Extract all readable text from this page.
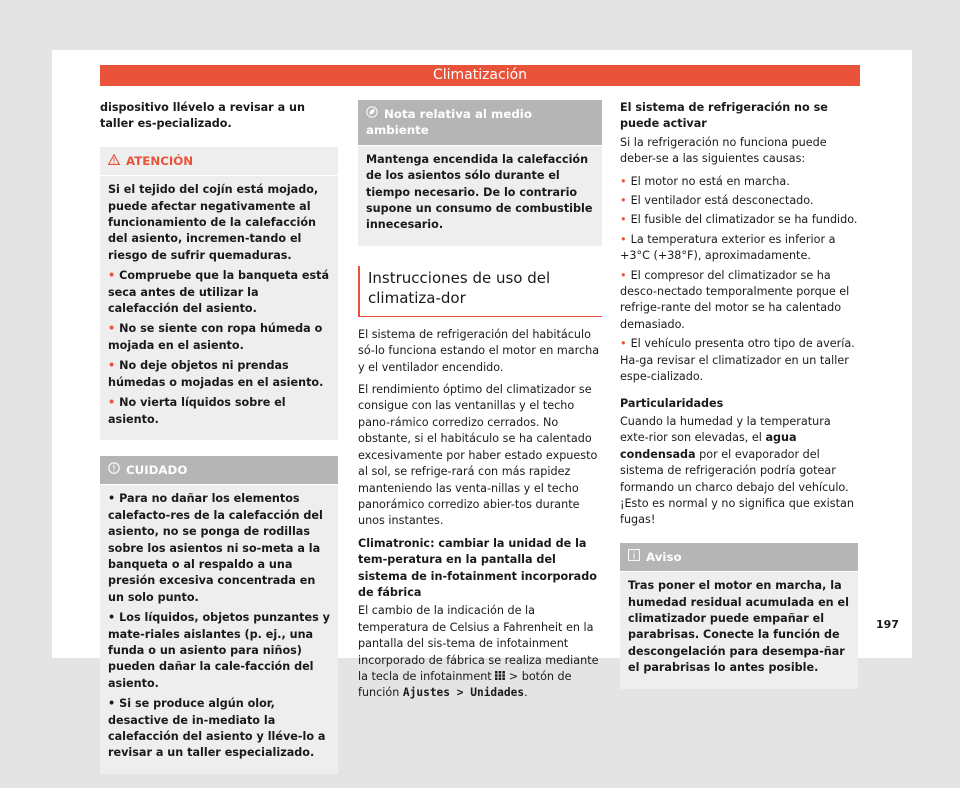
Climatización

dispositivo llévelo a revisar a un taller es-pecializado.

ATENCIÓN

Si el tejido del cojín está mojado, puede afectar negativamente al funcionamiento de la calefacción del asiento, incremen-tando el riesgo de sufrir quemaduras.

• Compruebe que la banqueta está seca antes de utilizar la calefacción del asiento.

• No se siente con ropa húmeda o mojada en el asiento.

• No deje objetos ni prendas húmedas o mojadas en el asiento.

• No vierta líquidos sobre el asiento.

CUIDADO

• Para no dañar los elementos calefacto-res de la calefacción del asiento, no se ponga de rodillas sobre los asientos ni so-meta a la banqueta o al respaldo a una presión excesiva concentrada en un solo punto.

• Los líquidos, objetos punzantes y mate-riales aislantes (p. ej., una funda o un asiento para niños) pueden dañar la cale-facción del asiento.

• Si se produce algún olor, desactive de in-mediato la calefacción del asiento y lléve-lo a revisar a un taller especializado.

Nota relativa al medio ambiente

Mantenga encendida la calefacción de los asientos sólo durante el tiempo necesario. De lo contrario supone un consumo de combustible innecesario.

Instrucciones de uso del climatiza-dor

El sistema de refrigeración del habitáculo só-lo funciona estando el motor en marcha y el ventilador encendido.

El rendimiento óptimo del climatizador se consigue con las ventanillas y el techo pano-rámico corredizo cerrados. No obstante, si el habitáculo se ha calentado excesivamente por haber estado expuesto al sol, se refrige-rará con más rapidez manteniendo las venta-nillas y el techo panorámico corredizo abier-tos durante unos instantes.

Climatronic: cambiar la unidad de la tem-peratura en la pantalla del sistema de in-fotainment incorporado de fábrica

El cambio de la indicación de la temperatura de Celsius a Fahrenheit en la pantalla del sis-tema de infotainment incorporado de fábrica se realiza mediante la tecla de infotainment  > botón de función Ajustes > Unidades.

El sistema de refrigeración no se puede activar

Si la refrigeración no funciona puede deber-se a las siguientes causas:

• El motor no está en marcha.

• El ventilador está desconectado.

• El fusible del climatizador se ha fundido.

• La temperatura exterior es inferior a +3°C (+38°F), aproximadamente.

• El compresor del climatizador se ha desco-nectado temporalmente porque el refrige-rante del motor se ha calentado demasiado.

• El vehículo presenta otro tipo de avería. Ha-ga revisar el climatizador en un taller espe-cializado.

Particularidades

Cuando la humedad y la temperatura exte-rior son elevadas, el agua condensada por el evaporador del sistema de refrigeración podría gotear formando un charco debajo del vehículo. ¡Esto es normal y no significa que existan fugas!

Aviso

Tras poner el motor en marcha, la humedad residual acumulada en el climatizador puede empañar el parabrisas. Conecte la función de descongelación para desempa-ñar el parabrisas lo antes posible.

197
